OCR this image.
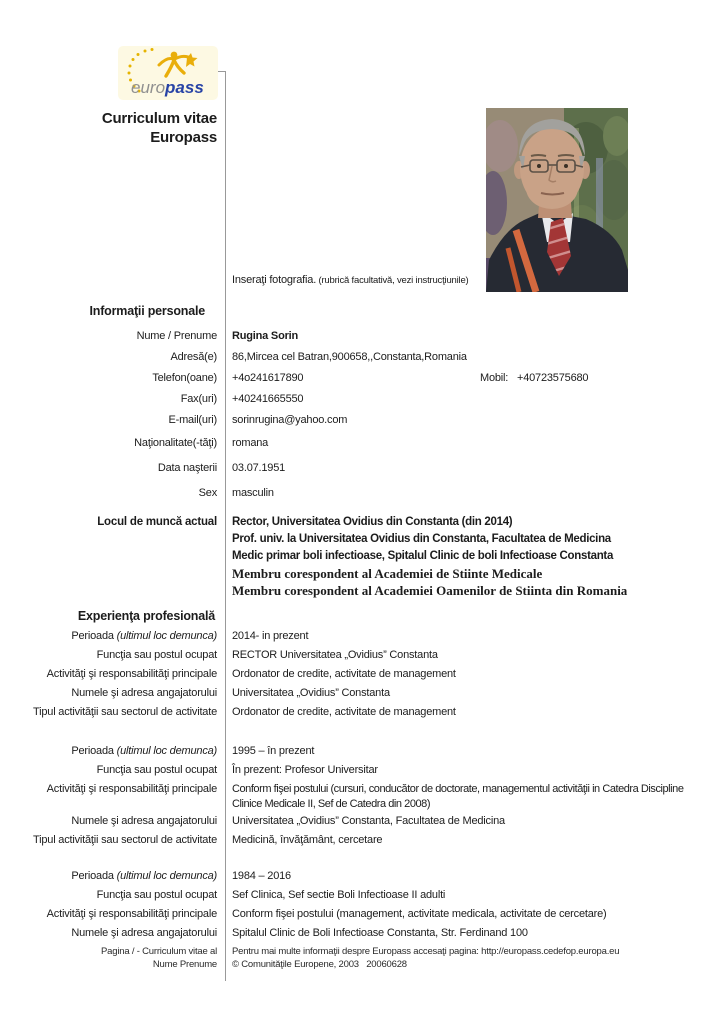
europass
Curriculum vitae
Europass
Inseraţi fotografia. (rubrică facultativă, vezi instrucţiunile)
Informaţii personale
Nume / Prenume	Rugina Sorin
Adresă(e)	86,Mircea cel Batran,900658,,Constanta,Romania
Telefon(oane)	+4o241617890	Mobil: +40723575680
Fax(uri)	+40241665550
E-mail(uri)	sorinrugina@yahoo.com
Naţionalitate(-tăţi)	romana
Data naşterii	03.07.1951
Sex	masculin
Locul de muncă actual	Rector, Universitatea Ovidius din Constanta (din 2014)
Prof. univ. la Universitatea Ovidius din Constanta, Facultatea de Medicina
Medic primar boli infectioase, Spitalul Clinic de boli Infectioase Constanta
Membru corespondent al Academiei de Stiinte Medicale
Membru corespondent al Academiei Oamenilor de Stiinta din Romania
Experienţa profesională
Perioada (ultimul loc demunca)	2014- in prezent
Funcţia sau postul ocupat	RECTOR Universitatea „Ovidius” Constanta
Activităţi şi responsabilităţi principale	Ordonator de credite, activitate de management
Numele şi adresa angajatorului	Universitatea „Ovidius” Constanta
Tipul activităţii sau sectorul de activitate	Ordonator de credite, activitate de management
Perioada (ultimul loc demunca)	1995 – în prezent
Funcţia sau postul ocupat	În prezent: Profesor Universitar
Activităţi şi responsabilităţi principale	Conform fişei postului (cursuri, conducător de doctorate, managementul activităţii in Catedra Discipline Clinice Medicale II, Sef de Catedra din 2008)
Numele şi adresa angajatorului	Universitatea „Ovidius” Constanta, Facultatea de Medicina
Tipul activităţii sau sectorul de activitate	Medicină, învăţământ, cercetare
Perioada (ultimul loc demunca)	1984 – 2016
Funcţia sau postul ocupat	Sef Clinica, Sef sectie Boli Infectioase II adulti
Activităţi şi responsabilităţi principale	Conform fişei postului (management, activitate medicala, activitate de cercetare)
Numele şi adresa angajatorului	Spitalul Clinic de Boli Infectioase Constanta, Str. Ferdinand 100
Pagina / - Curriculum vitae al
Nume Prenume
Pentru mai multe informaţii despre Europass accesaţi pagina: http://europass.cedefop.europa.eu
© Comunităţile Europene, 2003   20060628
